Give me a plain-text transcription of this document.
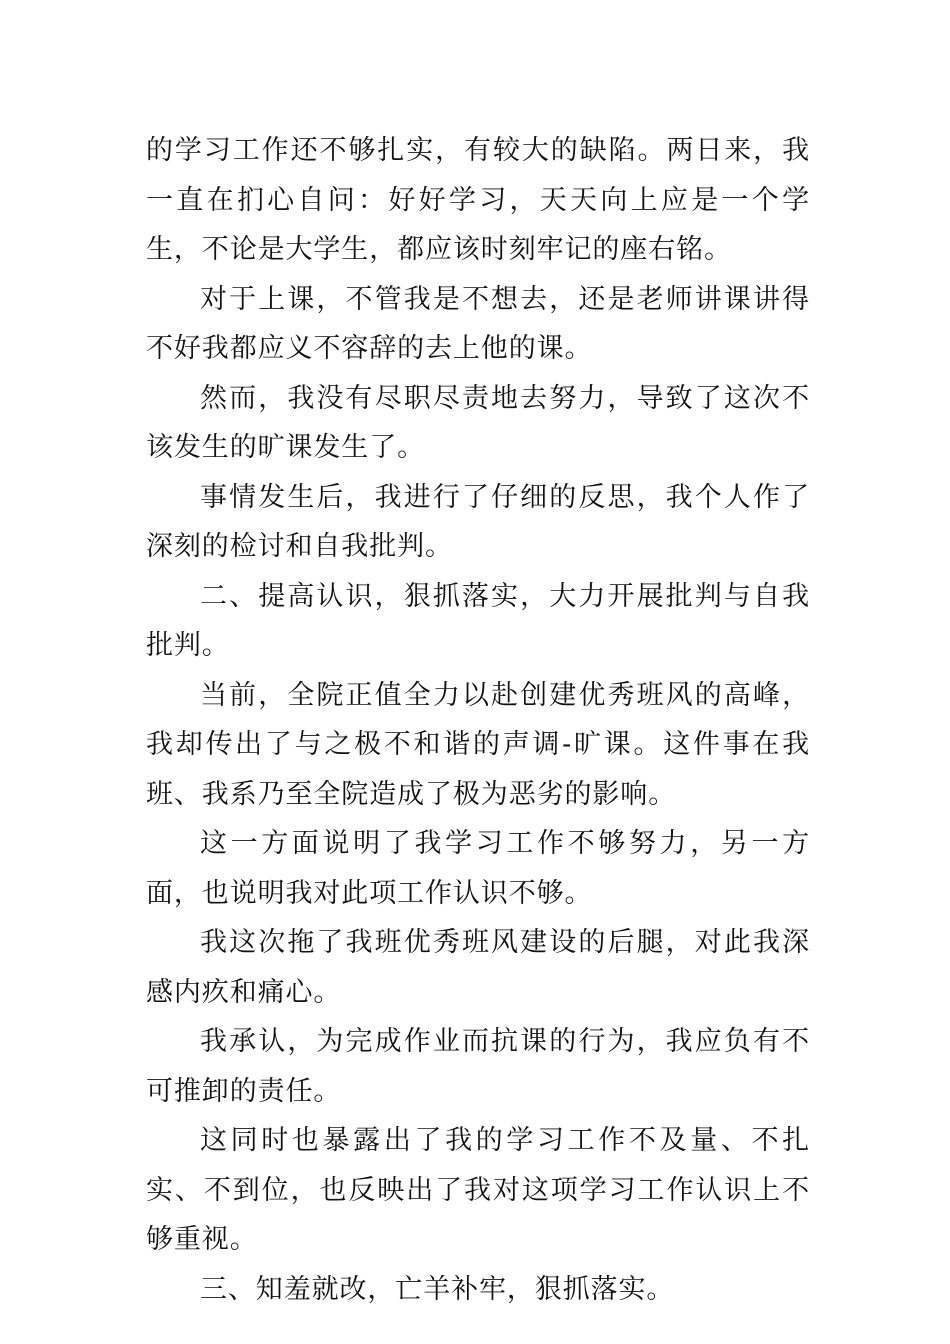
的学习工作还不够扎实，有较大的缺陷。两日来，我一直在扪心自问：好好学习，天天向上应是一个学生，不论是大学生，都应该时刻牢记的座右铭。

对于上课，不管我是不想去，还是老师讲课讲得不好我都应义不容辞的去上他的课。

然而，我没有尽职尽责地去努力，导致了这次不该发生的旷课发生了。

事情发生后，我进行了仔细的反思，我个人作了深刻的检讨和自我批判。

二、提高认识，狠抓落实，大力开展批判与自我批判。

当前，全院正值全力以赴创建优秀班风的高峰，我却传出了与之极不和谐的声调-旷课。这件事在我班、我系乃至全院造成了极为恶劣的影响。

这一方面说明了我学习工作不够努力，另一方面，也说明我对此项工作认识不够。

我这次拖了我班优秀班风建设的后腿，对此我深感内疚和痛心。

我承认，为完成作业而抗课的行为，我应负有不可推卸的责任。

这同时也暴露出了我的学习工作不及量、不扎实、不到位，也反映出了我对这项学习工作认识上不够重视。

三、知羞就改，亡羊补牢，狠抓落实。
